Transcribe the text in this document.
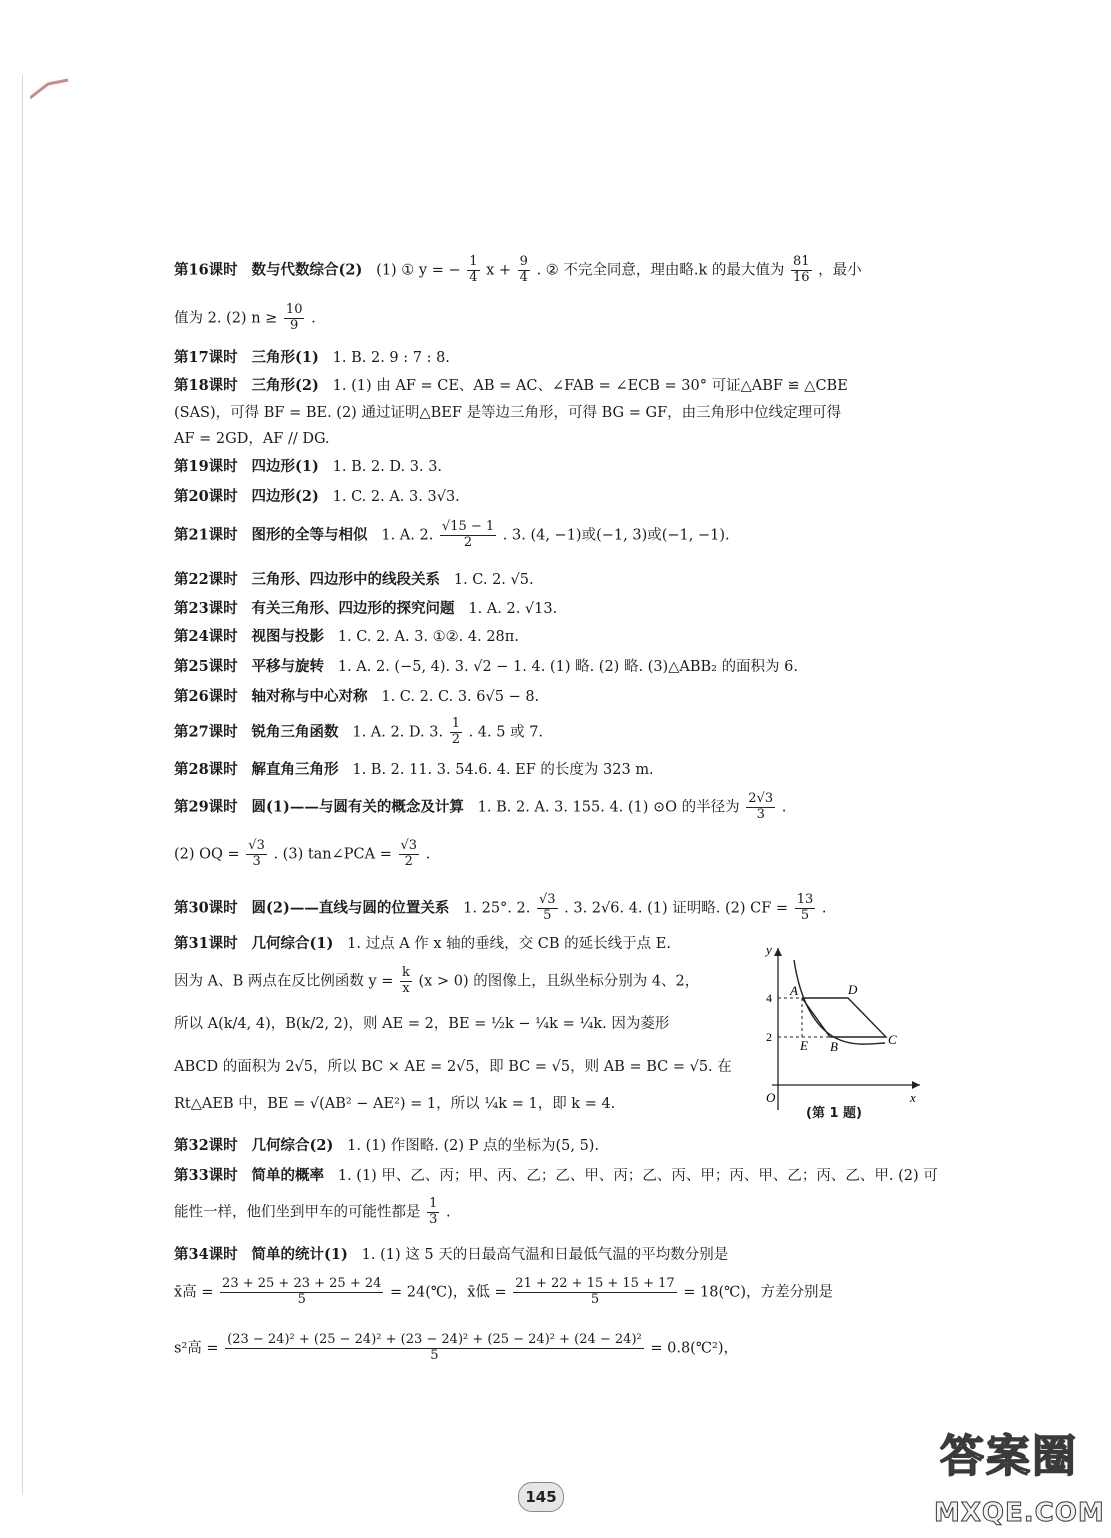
第16课时 数与代数综合(2) (1) ① y = − $\frac{1}{4}$ $x + \frac{9}{4}$ . ② 不完全同意，理由略.k 的最大值为 $\frac{81}{16}$ ，最小
值为 2. (2) $n \ge \frac{10}{9}$ .
第17课时 三角形(1) 1. B. 2. 9 : 7 : 8.
第18课时 三角形(2) 1. (1) 由 AF = CE、AB = AC、∠FAB = ∠ECB = 30° 可证△ABF ≌ △CBE
(SAS)，可得 BF = BE. (2) 通过证明△BEF 是等边三角形，可得 BG = GF，由三角形中位线定理可得
AF = 2GD，AF // DG.
第19课时 四边形(1) 1. B. 2. D. 3. 3.
第20课时 四边形(2) 1. C. 2. A. 3. 3√3.
第21课时 图形的全等与相似 1. A. 2. $\frac{√15 - 1}{2}$ . 3. (4, −1)或(−1, 3)或(−1, −1).
第22课时 三角形、四边形中的线段关系 1. C. 2. √5.
第23课时 有关三角形、四边形的探究问题 1. A. 2. √13.
第24课时 视图与投影 1. C. 2. A. 3. ①②. 4. 28π.
第25课时 平移与旋转 1. A. 2. (−5, 4). 3. √2 − 1. 4. (1) 略. (2) 略. (3)△ABB₂ 的面积为 6.
第26课时 轴对称与中心对称 1. C. 2. C. 3. 6√5 − 8.
第27课时 锐角三角函数 1. A. 2. D. 3. $\frac{1}{2}$ . 4. 5 或 7.
第28课时 解直角三角形 1. B. 2. 11. 3. 54.6. 4. EF 的长度为 323 m.
第29课时 圆(1)——与圆有关的概念及计算 1. B. 2. A. 3. 155. 4. (1) ⊙O 的半径为 $\frac{2√3}{3}$ .
(2) OQ = $\frac{√3}{3}$ . (3) tan∠PCA = $\frac{√3}{2}$ .
第30课时 圆(2)——直线与圆的位置关系 1. 25°. 2. $\frac{√3}{5}$ . 3. 2√6. 4. (1) 证明略. (2) CF = $\frac{13}{5}$ .
第31课时 几何综合(1) 1. 过点 A 作 x 轴的垂线，交 CB 的延长线于点 E.
因为 A、B 两点在反比例函数 $y = \frac{k}{x} (x > 0)$ 的图像上，且纵坐标分别为 4、2，
所以 A(k/4, 4)，B(k/2, 2)，则 AE = 2，BE = ½k − ¼k = ¼k. 因为菱形
ABCD 的面积为 2√5，所以 BC × AE = 2√5，即 BC = √5，则 AB = BC = √5. 在
Rt△AEB 中，BE = √(AB² − AE²) = 1，所以 ¼k = 1，即 k = 4.
第32课时 几何综合(2) 1. (1) 作图略. (2) P 点的坐标为(5, 5).
第33课时 简单的概率 1. (1) 甲、乙、丙；甲、丙、乙；乙、甲、丙；乙、丙、甲；丙、甲、乙；丙、乙、甲. (2) 可
能性一样，他们坐到甲车的可能性都是 $\frac{1}{3}$ .
第34课时 简单的统计(1) 1. (1) 这 5 天的日最高气温和日最低气温的平均数分别是
x̄高 = $\frac{23 + 25 + 23 + 25 + 24}{5}$ = 24(℃)，x̄低 = $\frac{21 + 22 + 15 + 15 + 17}{5}$ = 18(℃)，方差分别是
s²高 =
(23 − 24)² + (25 − 24)² + (23 − 24)² + (25 − 24)² + (24 − 24)²
5	= 0.8(℃²)，
y
x
O
A	D
C
B
E
4
2
(第 1 题)
145
答案圈
MXQE.COM
